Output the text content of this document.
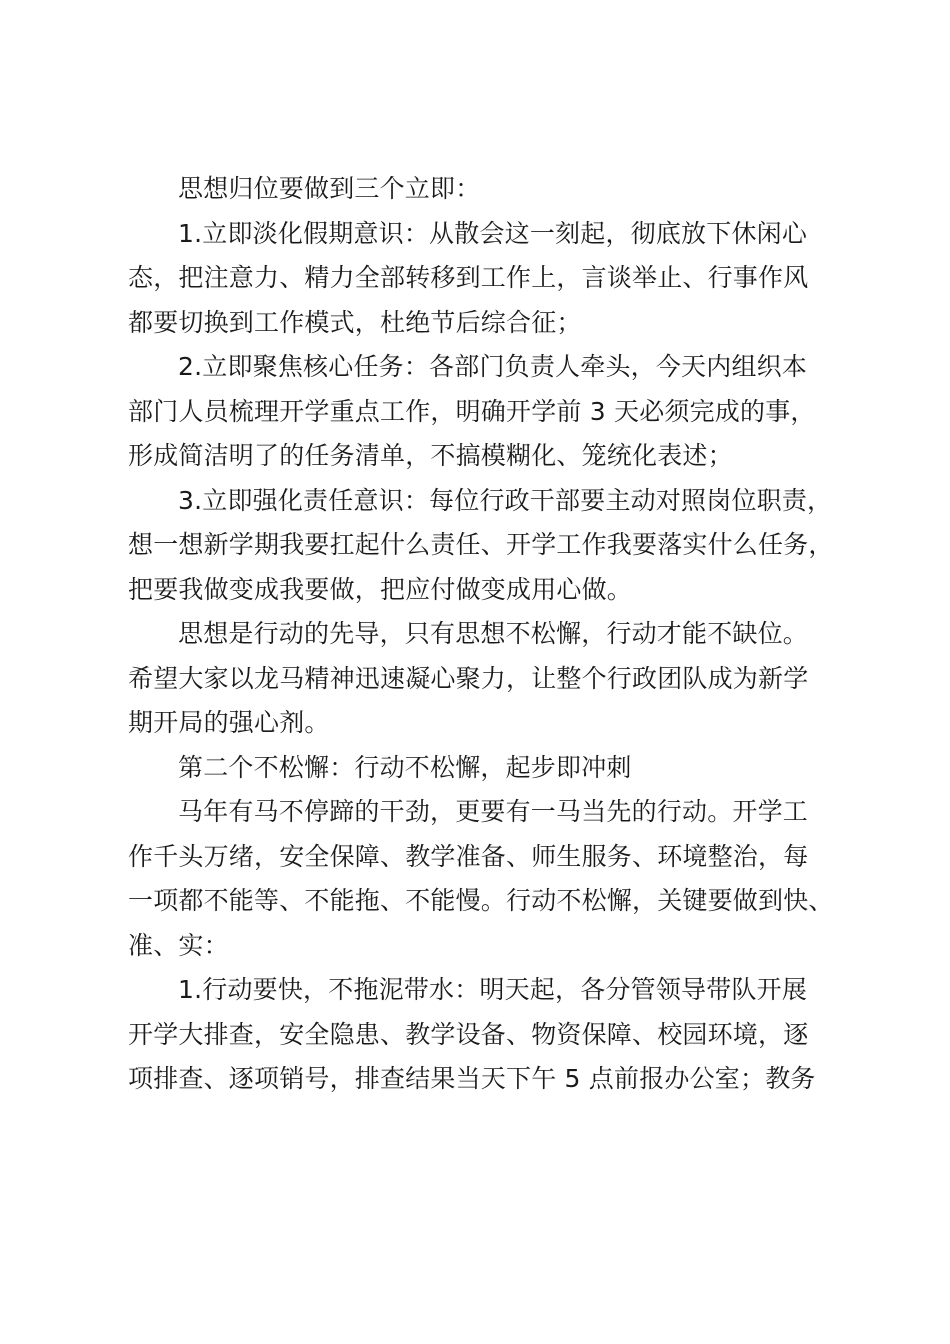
思想归位要做到三个立即：
1.立即淡化假期意识：从散会这一刻起，彻底放下休闲心
态，把注意力、精力全部转移到工作上，言谈举止、行事作风
都要切换到工作模式，杜绝节后综合征；
2.立即聚焦核心任务：各部门负责人牵头，今天内组织本
部门人员梳理开学重点工作，明确开学前 3 天必须完成的事，
形成简洁明了的任务清单，不搞模糊化、笼统化表述；
3.立即强化责任意识：每位行政干部要主动对照岗位职责，
想一想新学期我要扛起什么责任、开学工作我要落实什么任务，
把要我做变成我要做，把应付做变成用心做。
思想是行动的先导，只有思想不松懈，行动才能不缺位。
希望大家以龙马精神迅速凝心聚力，让整个行政团队成为新学
期开局的强心剂。
第二个不松懈：行动不松懈，起步即冲刺
马年有马不停蹄的干劲，更要有一马当先的行动。开学工
作千头万绪，安全保障、教学准备、师生服务、环境整治，每
一项都不能等、不能拖、不能慢。行动不松懈，关键要做到快、
准、实：
1.行动要快，不拖泥带水：明天起，各分管领导带队开展
开学大排查，安全隐患、教学设备、物资保障、校园环境，逐
项排查、逐项销号，排查结果当天下午 5 点前报办公室；教务
